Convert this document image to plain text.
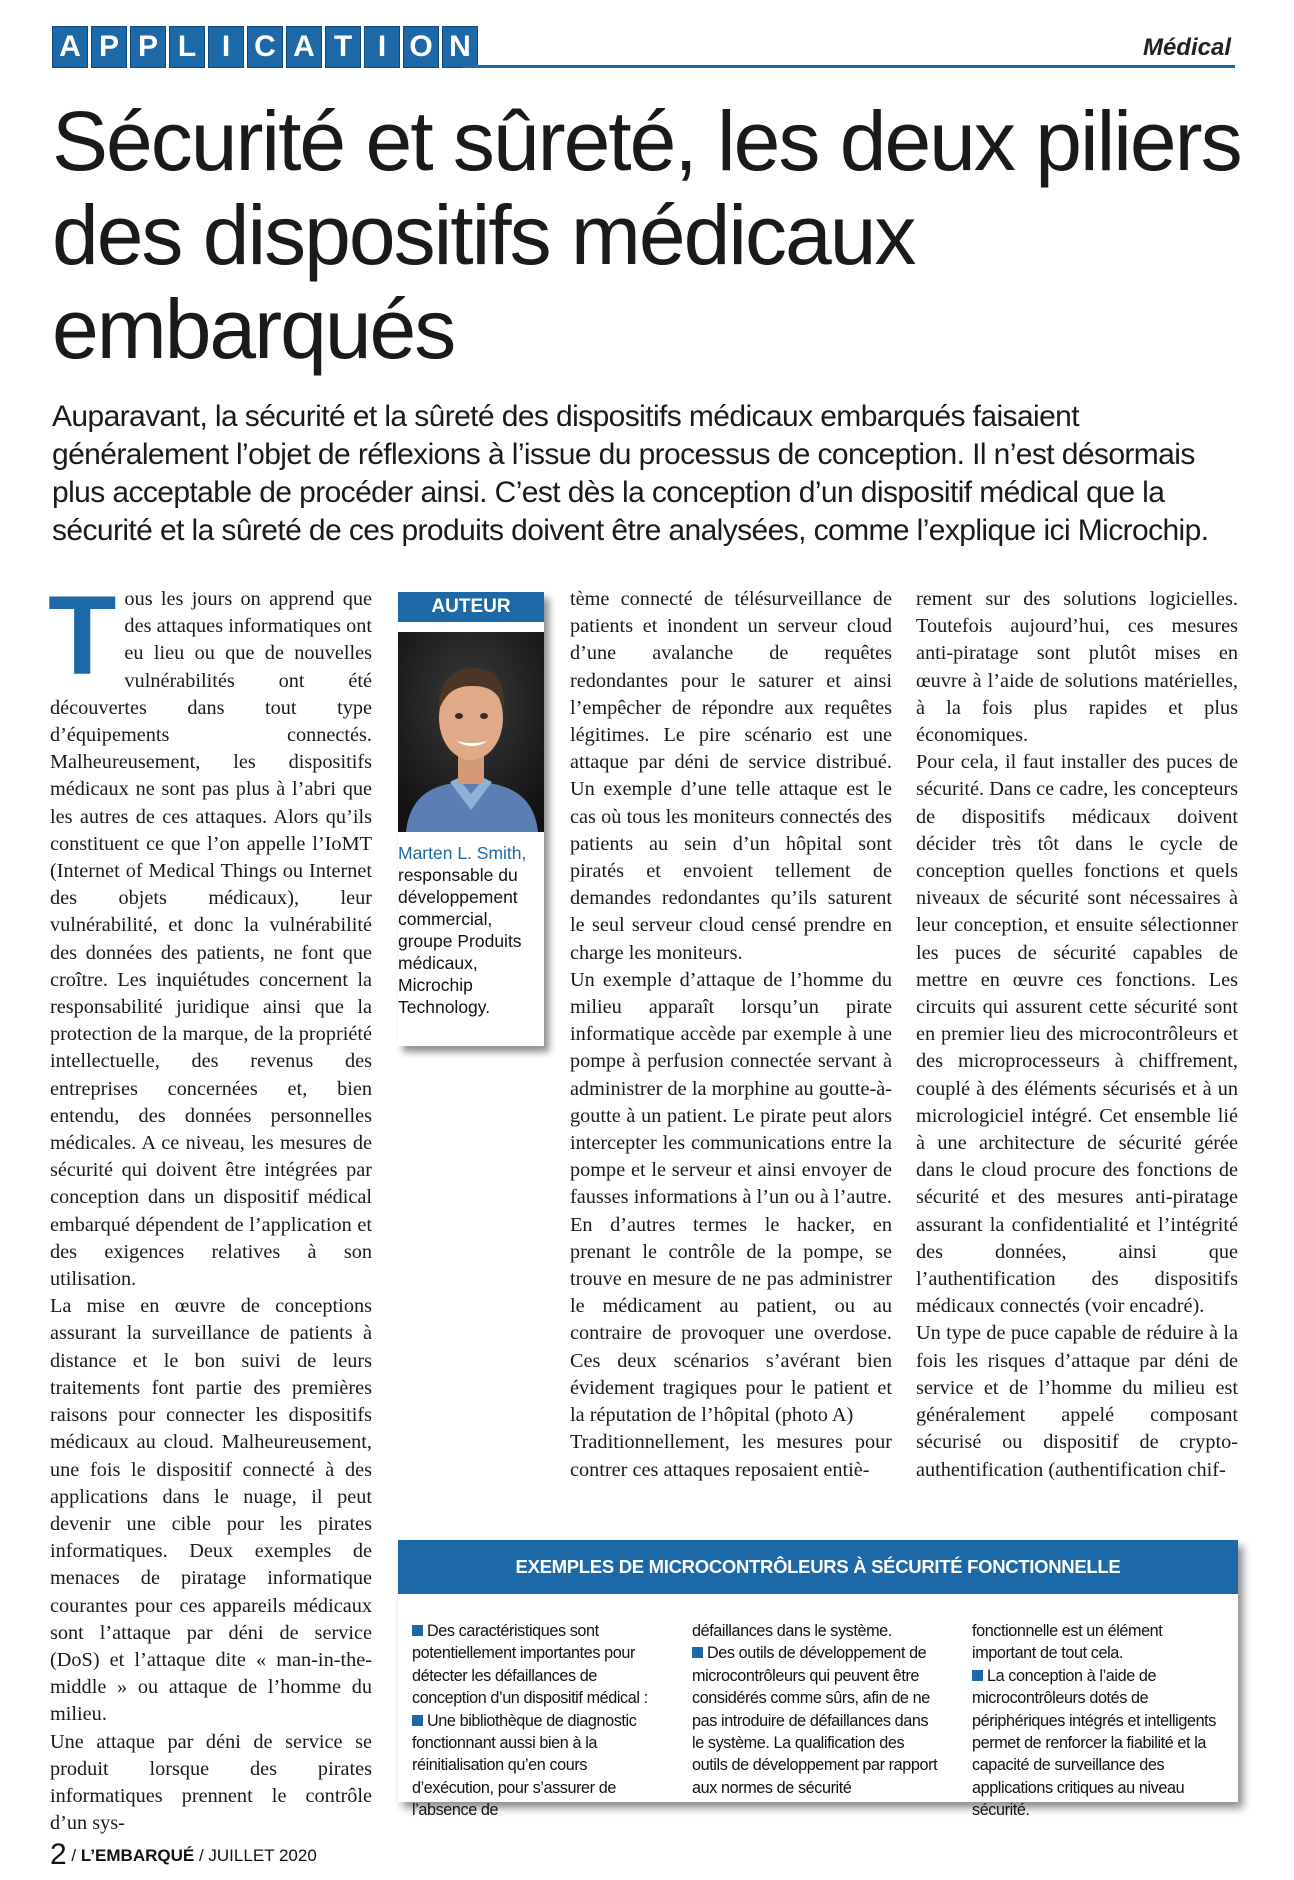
A P P L I C A T I O N	Médical
Sécurité et sûreté, les deux piliers des dispositifs médicaux embarqués

Auparavant, la sécurité et la sûreté des dispositifs médicaux embarqués faisaient généralement l’objet de réflexions à l’issue du processus de conception. Il n’est désormais plus acceptable de procéder ainsi. C’est dès la conception d’un dispositif médical que la sécurité et la sûreté de ces produits doivent être analysées, comme l’explique ici Microchip.

T ous les jours on apprend que des attaques informatiques ont eu lieu ou que de nouvelles vulnérabilités ont été découvertes dans tout type d’équipements connectés. Malheureusement, les dispositifs médicaux ne sont pas plus à l’abri que les autres de ces attaques. Alors qu’ils constituent ce que l’on appelle l’IoMT (Internet of Medical Things ou Internet des objets médicaux), leur vulnérabilité, et donc la vulnérabilité des données des patients, ne font que croître. Les inquiétudes concernent la responsabilité juridique ainsi que la protection de la marque, de la propriété intellectuelle, des revenus des entreprises concernées et, bien entendu, des données personnelles médicales. A ce niveau, les mesures de sécurité qui doivent être intégrées par conception dans un dispositif médical embarqué dépendent de l’application et des exigences relatives à son utilisation.

La mise en œuvre de conceptions assurant la surveillance de patients à distance et le bon suivi de leurs traitements font partie des premières raisons pour connecter les dispositifs médicaux au cloud. Malheureusement, une fois le dispositif connecté à des applications dans le nuage, il peut devenir une cible pour les pirates informatiques. Deux exemples de menaces de piratage informatique courantes pour ces appareils médicaux sont l’attaque par déni de service (DoS) et l’attaque dite « man-in-the-middle » ou attaque de l’homme du milieu.

Une attaque par déni de service se produit lorsque des pirates informatiques prennent le contrôle d’un sys-

AUTEUR

Marten L. Smith,

responsable du développement commercial, groupe Produits médicaux, Microchip Technology.

tème connecté de télésurveillance de patients et inondent un serveur cloud d’une avalanche de requêtes redondantes pour le saturer et ainsi l’empêcher de répondre aux requêtes légitimes. Le pire scénario est une attaque par déni de service distribué. Un exemple d’une telle attaque est le cas où tous les moniteurs connectés des patients au sein d’un hôpital sont piratés et envoient tellement de demandes redondantes qu’ils saturent le seul serveur cloud censé prendre en charge les moniteurs.

Un exemple d’attaque de l’homme du milieu apparaît lorsqu’un pirate informatique accède par exemple à une pompe à perfusion connectée servant à administrer de la morphine au goutte-à-goutte à un patient. Le pirate peut alors intercepter les communications entre la pompe et le serveur et ainsi envoyer de fausses informations à l’un ou à l’autre. En d’autres termes le hacker, en prenant le contrôle de la pompe, se trouve en mesure de ne pas administrer le médicament au patient, ou au contraire de provoquer une overdose. Ces deux scénarios s’avérant bien évidement tragiques pour le patient et la réputation de l’hôpital (photo A)

Traditionnellement, les mesures pour contrer ces attaques reposaient entiè-

rement sur des solutions logicielles. Toutefois aujourd’hui, ces mesures anti-piratage sont plutôt mises en œuvre à l’aide de solutions matérielles, à la fois plus rapides et plus économiques.

Pour cela, il faut installer des puces de sécurité. Dans ce cadre, les concepteurs de dispositifs médicaux doivent décider très tôt dans le cycle de conception quelles fonctions et quels niveaux de sécurité sont nécessaires à leur conception, et ensuite sélectionner les puces de sécurité capables de mettre en œuvre ces fonctions. Les circuits qui assurent cette sécurité sont en premier lieu des microcontrôleurs et des microprocesseurs à chiffrement, couplé à des éléments sécurisés et à un micrologiciel intégré. Cet ensemble lié à une architecture de sécurité gérée dans le cloud procure des fonctions de sécurité et des mesures anti-piratage assurant la confidentialité et l’intégrité des données, ainsi que l’authentification des dispositifs médicaux connectés (voir encadré).

Un type de puce capable de réduire à la fois les risques d’attaque par déni de service et de l’homme du milieu est généralement appelé composant sécurisé ou dispositif de crypto-authentification (authentification chif-

EXEMPLES DE MICROCONTRÔLEURS À SÉCURITÉ FONCTIONNELLE

Des caractéristiques sont potentiellement importantes pour détecter les défaillances de conception d’un dispositif médical :

Une bibliothèque de diagnostic fonctionnant aussi bien à la réinitialisation qu’en cours d’exécution, pour s’assurer de l’absence de

défaillances dans le système.

Des outils de développement de microcontrôleurs qui peuvent être considérés comme sûrs, afin de ne pas introduire de défaillances dans le système. La qualification des outils de développement par rapport aux normes de sécurité

fonctionnelle est un élément important de tout cela.

La conception à l’aide de microcontrôleurs dotés de périphériques intégrés et intelligents permet de renforcer la fiabilité et la capacité de surveillance des applications critiques au niveau sécurité.

2 / L’EMBARQUÉ / JUILLET 2020
